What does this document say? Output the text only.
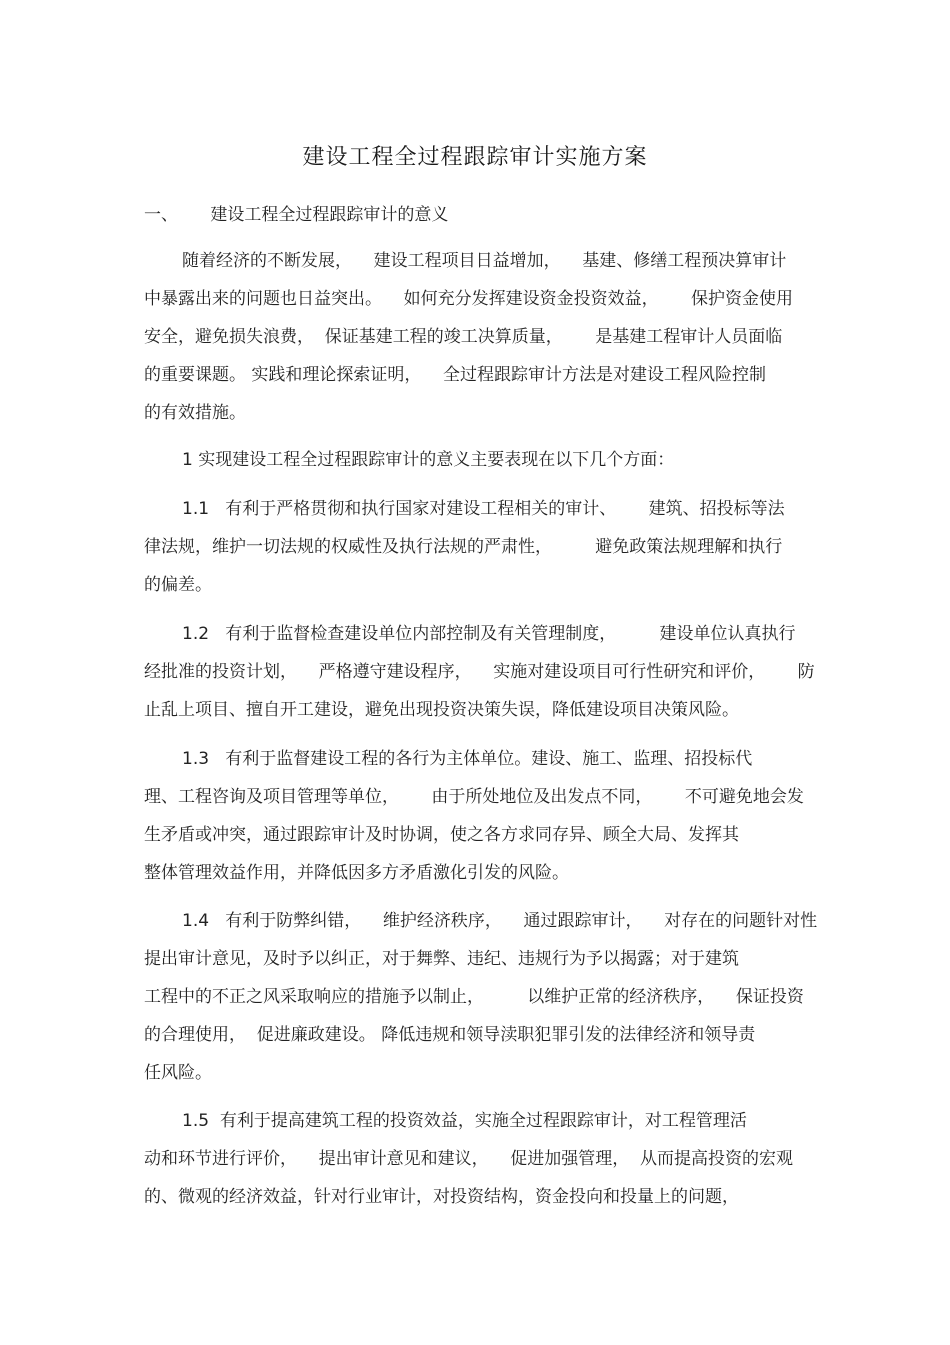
建设工程全过程跟踪审计实施方案
一、      建设工程全过程跟踪审计的意义
随着经济的不断发展，    建设工程项目日益增加，    基建、修缮工程预决算审计
中暴露出来的问题也日益突出。    如何充分发挥建设资金投资效益，      保护资金使用
安全，避免损失浪费，  保证基建工程的竣工决算质量，      是基建工程审计人员面临
的重要课题。 实践和理论探索证明，    全过程跟踪审计方法是对建设工程风险控制
的有效措施。
1 实现建设工程全过程跟踪审计的意义主要表现在以下几个方面：
1.1   有利于严格贯彻和执行国家对建设工程相关的审计、      建筑、招投标等法
律法规，维护一切法规的权威性及执行法规的严肃性，        避免政策法规理解和执行
的偏差。
1.2   有利于监督检查建设单位内部控制及有关管理制度，        建设单位认真执行
经批准的投资计划，    严格遵守建设程序，    实施对建设项目可行性研究和评价，      防
止乱上项目、擅自开工建设，避免出现投资决策失误，降低建设项目决策风险。
1.3   有利于监督建设工程的各行为主体单位。建设、施工、监理、招投标代
理、工程咨询及项目管理等单位，      由于所处地位及出发点不同，      不可避免地会发
生矛盾或冲突，通过跟踪审计及时协调，使之各方求同存异、顾全大局、发挥其
整体管理效益作用，并降低因多方矛盾激化引发的风险。
1.4   有利于防弊纠错，    维护经济秩序，    通过跟踪审计，    对存在的问题针对性
提出审计意见，及时予以纠正，对于舞弊、违纪、违规行为予以揭露；对于建筑
工程中的不正之风采取响应的措施予以制止，        以维护正常的经济秩序，    保证投资
的合理使用，  促进廉政建设。 降低违规和领导渎职犯罪引发的法律经济和领导责
任风险。
1.5  有利于提高建筑工程的投资效益，实施全过程跟踪审计，对工程管理活
动和环节进行评价，    提出审计意见和建议，    促进加强管理，  从而提高投资的宏观
的、微观的经济效益，针对行业审计，对投资结构，资金投向和投量上的问题，
